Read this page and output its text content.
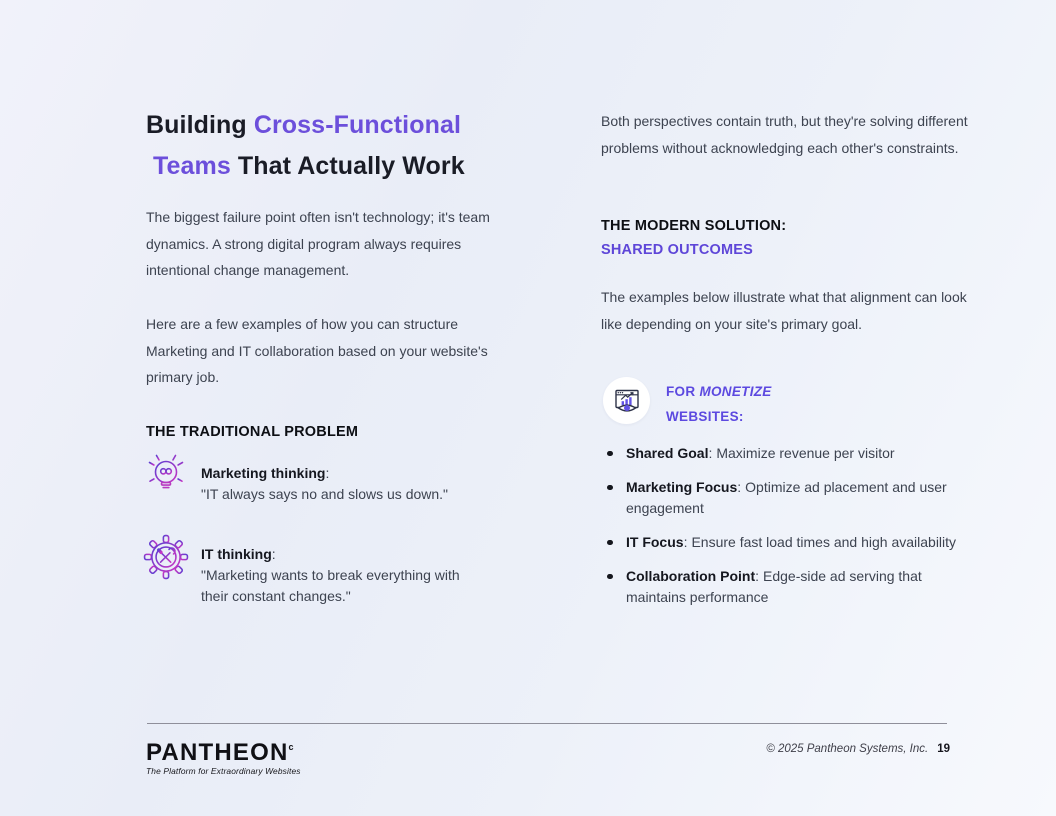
Building Cross-Functional
Teams That Actually Work

The biggest failure point often isn't technology; it's team dynamics. A strong digital program always requires intentional change management.

Here are a few examples of how you can structure Marketing and IT collaboration based on your website's primary job.

THE TRADITIONAL PROBLEM
Marketing thinking:
"IT always says no and slows us down."
IT thinking:
"Marketing wants to break everything with their constant changes."

Both perspectives contain truth, but they're solving different problems without acknowledging each other's constraints.

THE MODERN SOLUTION:
SHARED OUTCOMES

The examples below illustrate what that alignment can look like depending on your site's primary goal.

FOR MONETIZE
WEBSITES:
Shared Goal: Maximize revenue per visitor
Marketing Focus: Optimize ad placement and user engagement
IT Focus: Ensure fast load times and high availability
Collaboration Point: Edge-side ad serving that maintains performance
PANTHEON$^c$
The Platform for Extraordinary Websites
© 2025 Pantheon Systems, Inc. 19
